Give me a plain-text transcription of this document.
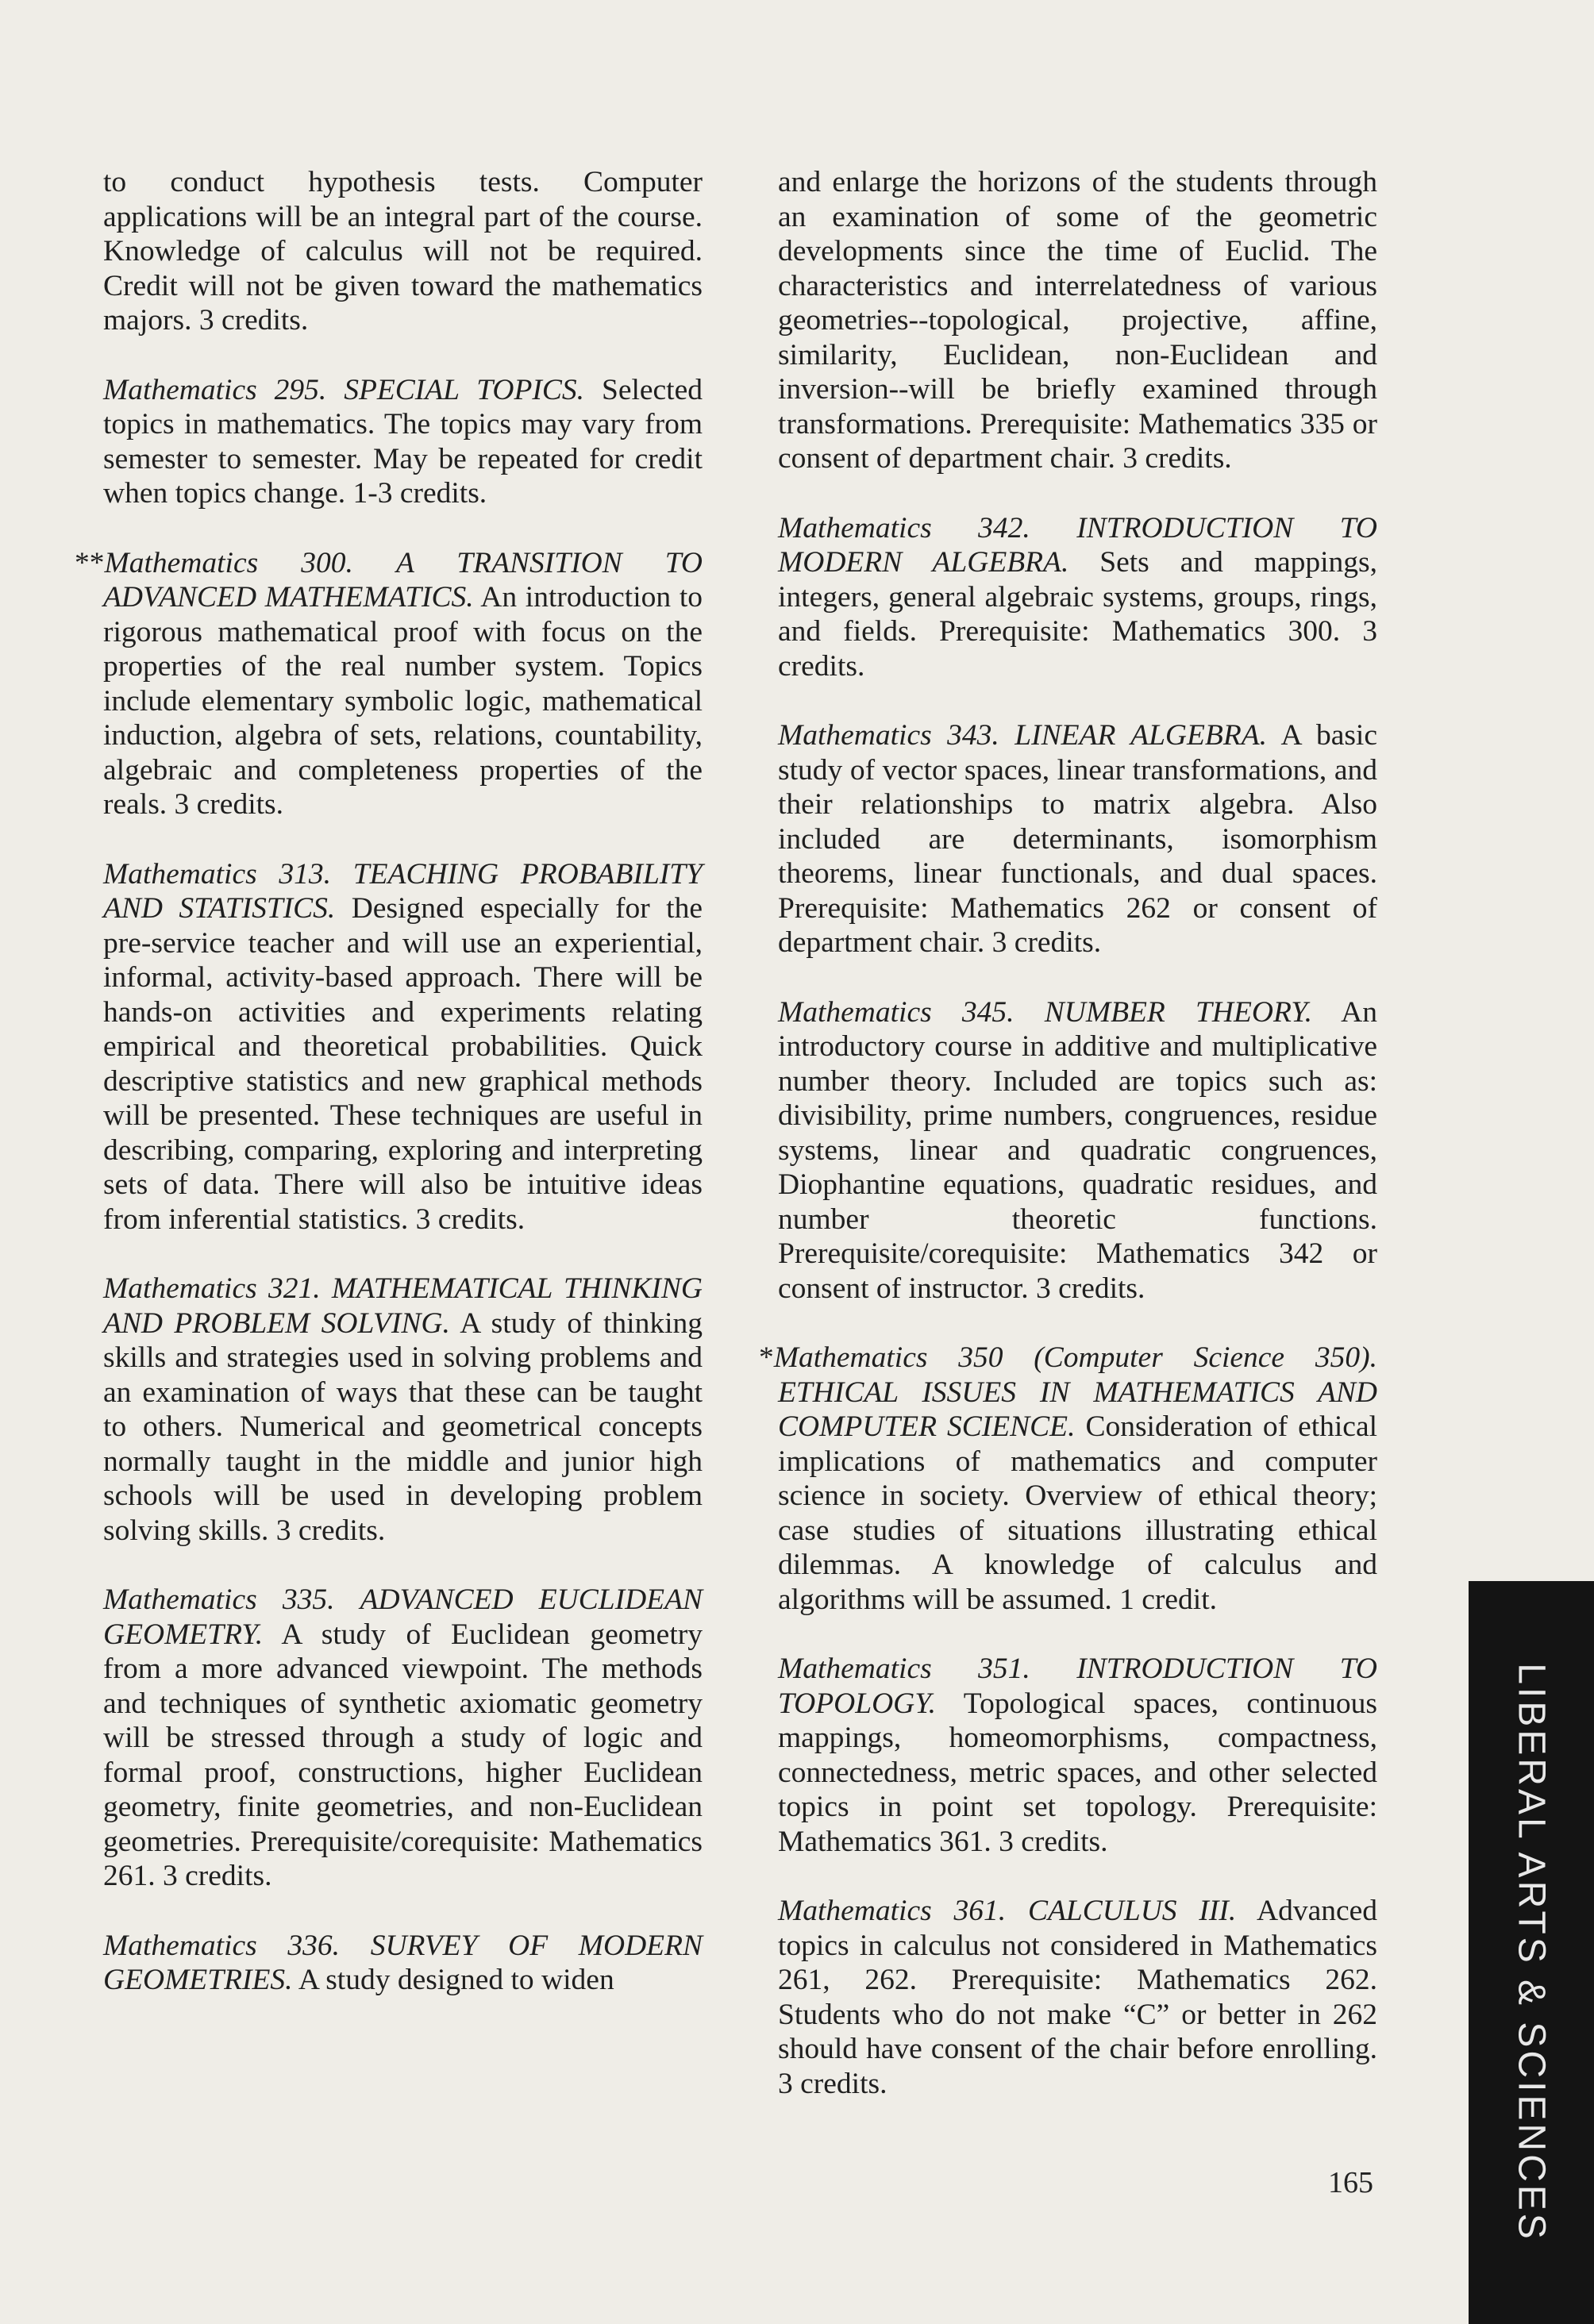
to conduct hypothesis tests. Computer applications will be an integral part of the course. Knowledge of calculus will not be required. Credit will not be given toward the mathematics majors. 3 credits.

Mathematics 295. SPECIAL TOPICS. Selected topics in mathematics. The topics may vary from semester to semester. May be repeated for credit when topics change. 1-3 credits.

**Mathematics 300. A TRANSITION TO ADVANCED MATHEMATICS. An introduction to rigorous mathematical proof with focus on the properties of the real number system. Topics include elementary symbolic logic, mathematical induction, algebra of sets, relations, countability, algebraic and completeness properties of the reals. 3 credits.

Mathematics 313. TEACHING PROBABILITY AND STATISTICS. Designed especially for the pre-service teacher and will use an experiential, informal, activity-based approach. There will be hands-on activities and experiments relating empirical and theoretical probabilities. Quick descriptive statistics and new graphical methods will be presented. These techniques are useful in describing, comparing, exploring and interpreting sets of data. There will also be intuitive ideas from inferential statistics. 3 credits.

Mathematics 321. MATHEMATICAL THINKING AND PROBLEM SOLVING. A study of thinking skills and strategies used in solving problems and an examination of ways that these can be taught to others. Numerical and geometrical concepts normally taught in the middle and junior high schools will be used in developing problem solving skills. 3 credits.

Mathematics 335. ADVANCED EUCLIDEAN GEOMETRY. A study of Euclidean geometry from a more advanced viewpoint. The methods and techniques of synthetic axiomatic geometry will be stressed through a study of logic and formal proof, constructions, higher Euclidean geometry, finite geometries, and non-Euclidean geometries. Prerequisite/corequisite: Mathematics 261. 3 credits.

Mathematics 336. SURVEY OF MODERN GEOMETRIES. A study designed to widen

and enlarge the horizons of the students through an examination of some of the geometric developments since the time of Euclid. The characteristics and interrelatedness of various geometries--topological, projective, affine, similarity, Euclidean, non-Euclidean and inversion--will be briefly examined through transformations. Prerequisite: Mathematics 335 or consent of department chair. 3 credits.

Mathematics 342. INTRODUCTION TO MODERN ALGEBRA. Sets and mappings, integers, general algebraic systems, groups, rings, and fields. Prerequisite: Mathematics 300. 3 credits.

Mathematics 343. LINEAR ALGEBRA. A basic study of vector spaces, linear transformations, and their relationships to matrix algebra. Also included are determinants, isomorphism theorems, linear functionals, and dual spaces. Prerequisite: Mathematics 262 or consent of department chair. 3 credits.

Mathematics 345. NUMBER THEORY. An introductory course in additive and multiplicative number theory. Included are topics such as: divisibility, prime numbers, congruences, residue systems, linear and quadratic congruences, Diophantine equations, quadratic residues, and number theoretic functions. Prerequisite/corequisite: Mathematics 342 or consent of instructor. 3 credits.

*Mathematics 350 (Computer Science 350). ETHICAL ISSUES IN MATHEMATICS AND COMPUTER SCIENCE. Consideration of ethical implications of mathematics and computer science in society. Overview of ethical theory; case studies of situations illustrating ethical dilemmas. A knowledge of calculus and algorithms will be assumed. 1 credit.

Mathematics 351. INTRODUCTION TO TOPOLOGY. Topological spaces, continuous mappings, homeomorphisms, compactness, connectedness, metric spaces, and other selected topics in point set topology. Prerequisite: Mathematics 361. 3 credits.

Mathematics 361. CALCULUS III. Advanced topics in calculus not considered in Mathematics 261, 262. Prerequisite: Mathematics 262. Students who do not make “C” or better in 262 should have consent of the chair before enrolling. 3 credits.

165	LIBERAL ARTS & SCIENCES
